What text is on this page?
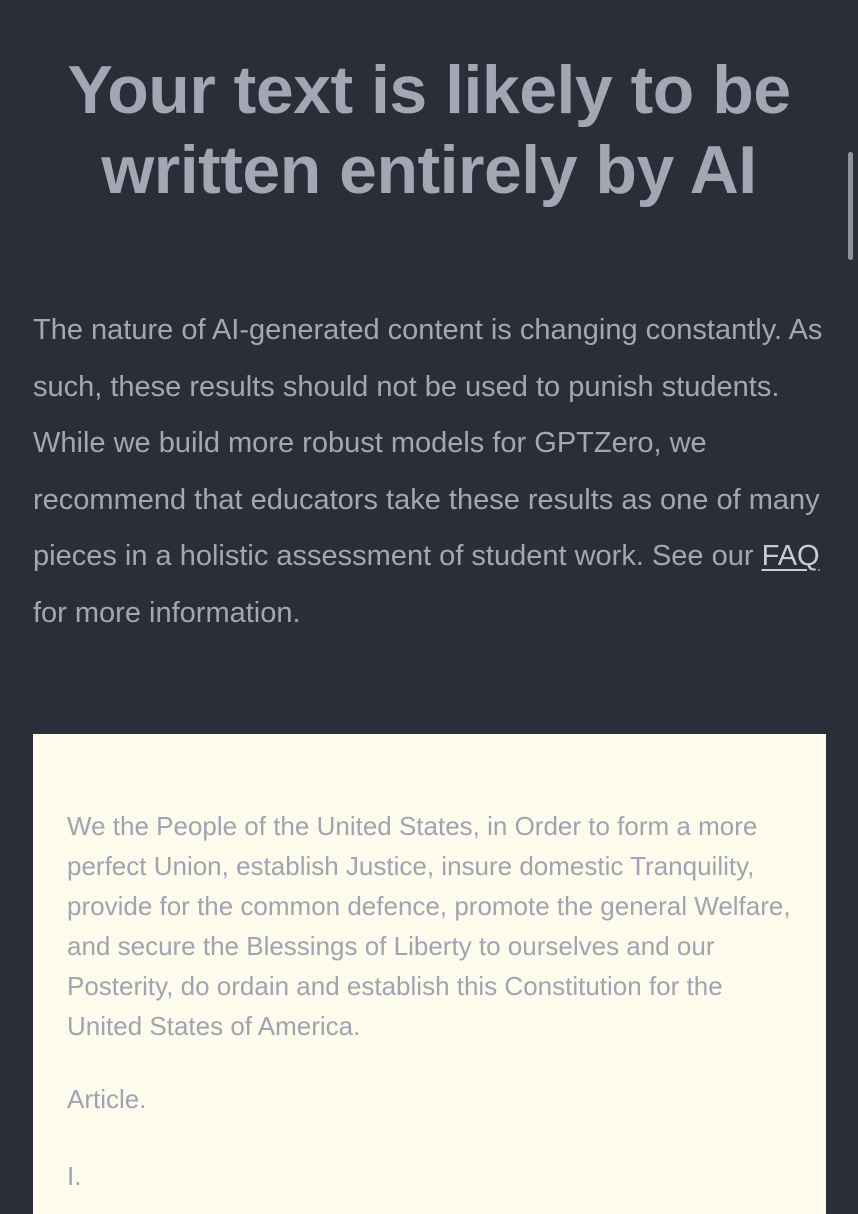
Your text is likely to be
written entirely by AI

The nature of AI-generated content is changing constantly. As such, these results should not be used to punish students. While we build more robust models for GPTZero, we recommend that educators take these results as one of many pieces in a holistic assessment of student work. See our FAQ for more information.

We the People of the United States, in Order to form a more perfect Union, establish Justice, insure domestic Tranquility, provide for the common defence, promote the general Welfare, and secure the Blessings of Liberty to ourselves and our Posterity, do ordain and establish this Constitution for the United States of America.

Article.

I.
